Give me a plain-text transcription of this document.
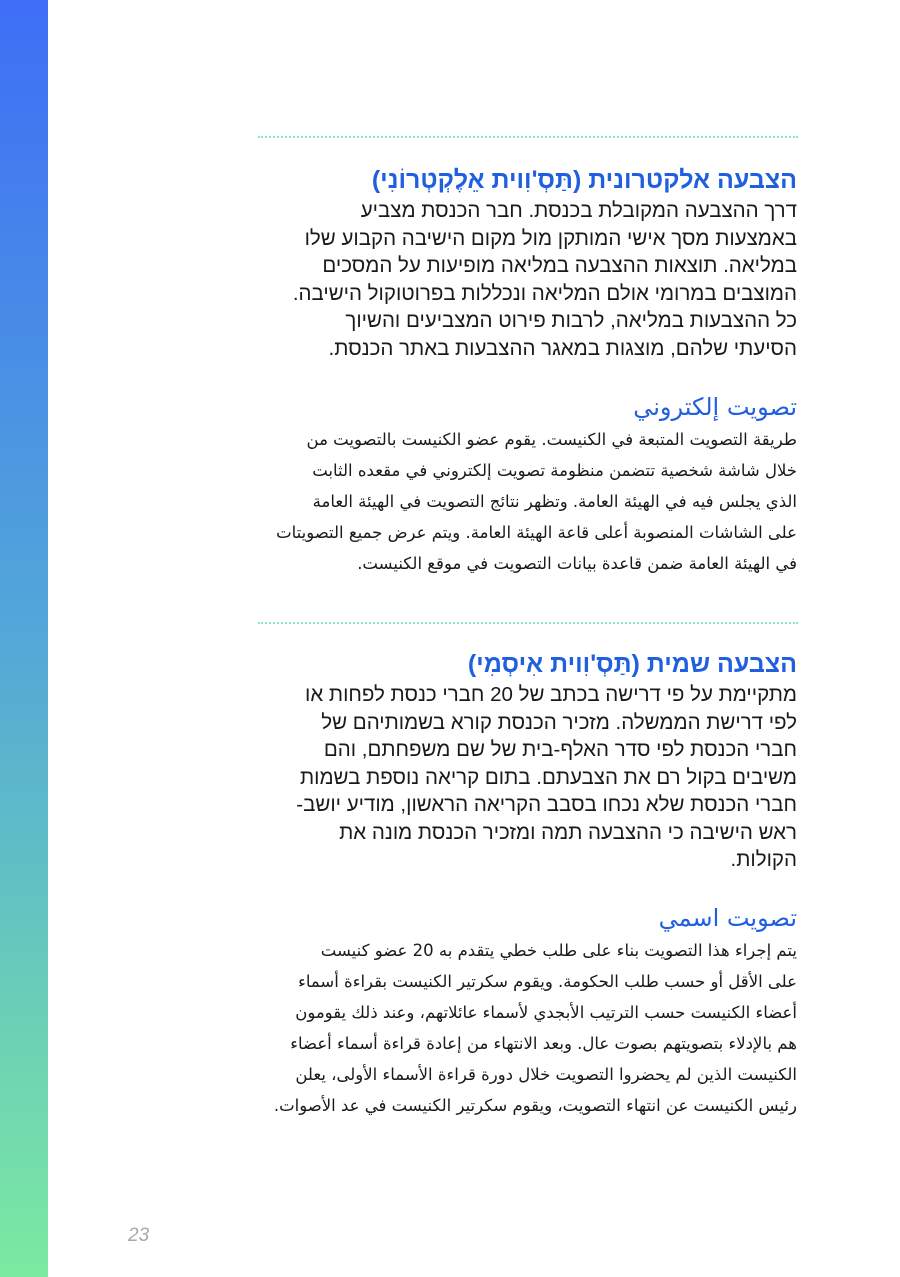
הצבעה אלקטרונית (תַּסְ'וִוית אֵלֶקְטְרוֹנִי)
דרך ההצבעה המקובלת בכנסת. חבר הכנסת מצביע
באמצעות מסך אישי המותקן מול מקום הישיבה הקבוע שלו
במליאה. תוצאות ההצבעה במליאה מופיעות על המסכים
המוצבים במרומי אולם המליאה ונכללות בפרוטוקול הישיבה.
כל ההצבעות במליאה, לרבות פירוט המצביעים והשיוך
הסיעתי שלהם, מוצגות במאגר ההצבעות באתר הכנסת.
تصويت إلكتروني
طريقة التصويت المتبعة في الكنيست. يقوم عضو الكنيست بالتصويت من
خلال شاشة شخصية تتضمن منظومة تصويت إلكتروني في مقعده الثابت
الذي يجلس فيه في الهيئة العامة. وتظهر نتائج التصويت في الهيئة العامة
على الشاشات المنصوبة أعلى قاعة الهيئة العامة. ويتم عرض جميع التصويتات
في الهيئة العامة ضمن قاعدة بيانات التصويت في موقع الكنيست.
הצבעה שמית (תַּסְ'וִוית אִיסְמִי)
מתקיימת על פי דרישה בכתב של 20 חברי כנסת לפחות או
לפי דרישת הממשלה. מזכיר הכנסת קורא בשמותיהם של
חברי הכנסת לפי סדר האלף-בית של שם משפחתם, והם
משיבים בקול רם את הצבעתם. בתום קריאה נוספת בשמות
חברי הכנסת שלא נכחו בסבב הקריאה הראשון, מודיע יושב-
ראש הישיבה כי ההצבעה תמה ומזכיר הכנסת מונה את
הקולות.
تصويت اسمي
يتم إجراء هذا التصويت بناء على طلب خطي يتقدم به 20 عضو كنيست
على الأقل أو حسب طلب الحكومة. ويقوم سكرتير الكنيست بقراءة أسماء
أعضاء الكنيست حسب الترتيب الأبجدي لأسماء عائلاتهم، وعند ذلك يقومون
هم بالإدلاء بتصويتهم بصوت عال. وبعد الانتهاء من إعادة قراءة أسماء أعضاء
الكنيست الذين لم يحضروا التصويت خلال دورة قراءة الأسماء الأولى، يعلن
رئيس الكنيست عن انتهاء التصويت، ويقوم سكرتير الكنيست في عد الأصوات.
23
